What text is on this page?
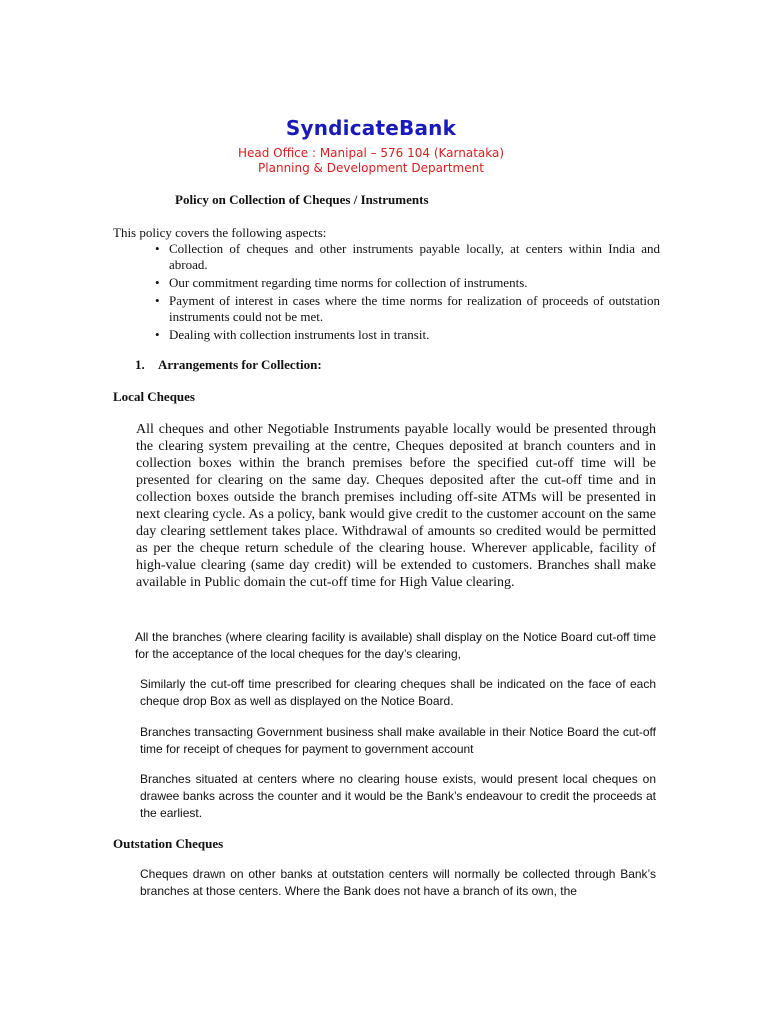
SyndicateBank
Head Office : Manipal – 576 104 (Karnataka)
Planning & Development Department
Policy on Collection of Cheques / Instruments
This policy covers the following aspects:
• Collection of cheques and other instruments payable locally, at centers within India and abroad.
• Our commitment regarding time norms for collection of instruments.
• Payment of interest in cases where the time norms for realization of proceeds of outstation instruments could not be met.
• Dealing with collection instruments lost in transit.
1. Arrangements for Collection:
Local Cheques
All cheques and other Negotiable Instruments payable locally would be presented through the clearing system prevailing at the centre, Cheques deposited at branch counters and in collection boxes within the branch premises before the specified cut-off time will be presented for clearing on the same day. Cheques deposited after the cut-off time and in collection boxes outside the branch premises including off-site ATMs will be presented in next clearing cycle. As a policy, bank would give credit to the customer account on the same day clearing settlement takes place. Withdrawal of amounts so credited would be permitted as per the cheque return schedule of the clearing house. Wherever applicable, facility of high-value clearing (same day credit) will be extended to customers. Branches shall make available in Public domain the cut-off time for High Value clearing.
All the branches (where clearing facility is available) shall display on the Notice Board cut-off time for the acceptance of the local cheques for the day’s clearing,
Similarly the cut-off time prescribed for clearing cheques shall be indicated on the face of each cheque drop Box as well as displayed on the Notice Board.
Branches transacting Government business shall make available in their Notice Board the cut-off time for receipt of cheques for payment to government account
Branches situated at centers where no clearing house exists, would present local cheques on drawee banks across the counter and it would be the Bank’s endeavour to credit the proceeds at the earliest.
Outstation Cheques
Cheques drawn on other banks at outstation centers will normally be collected through Bank’s branches at those centers. Where the Bank does not have a branch of its own, the
